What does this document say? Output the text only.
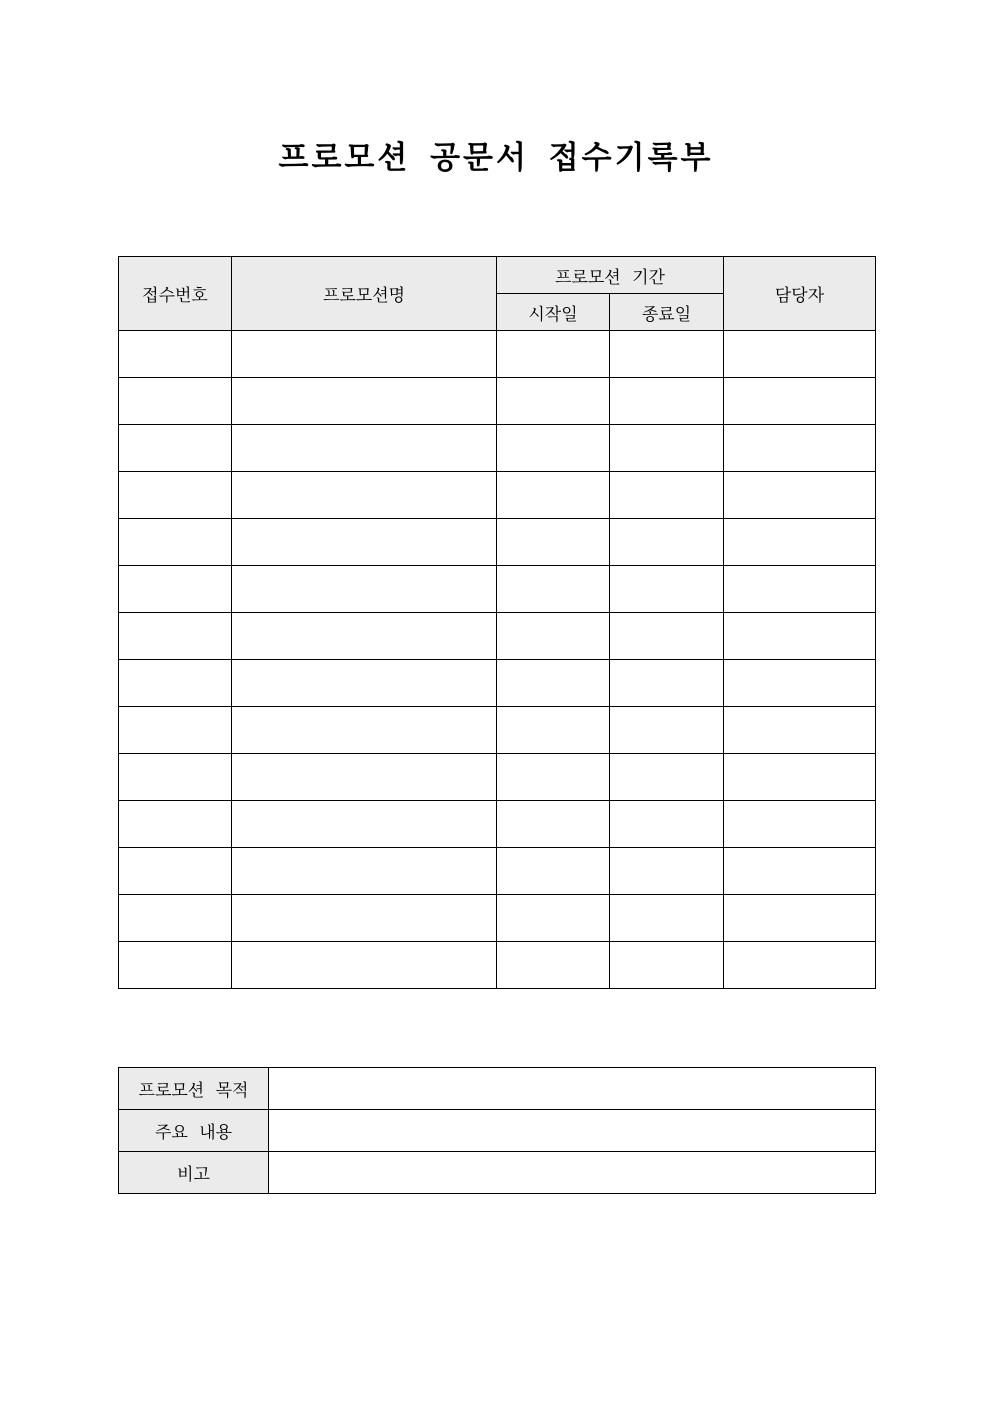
프로모션 공문서 접수기록부
접수번호	프로모션명	프로모션 기간		담당자
		시작일	종료일	

프로모션 목적	
주요 내용	
비고	
